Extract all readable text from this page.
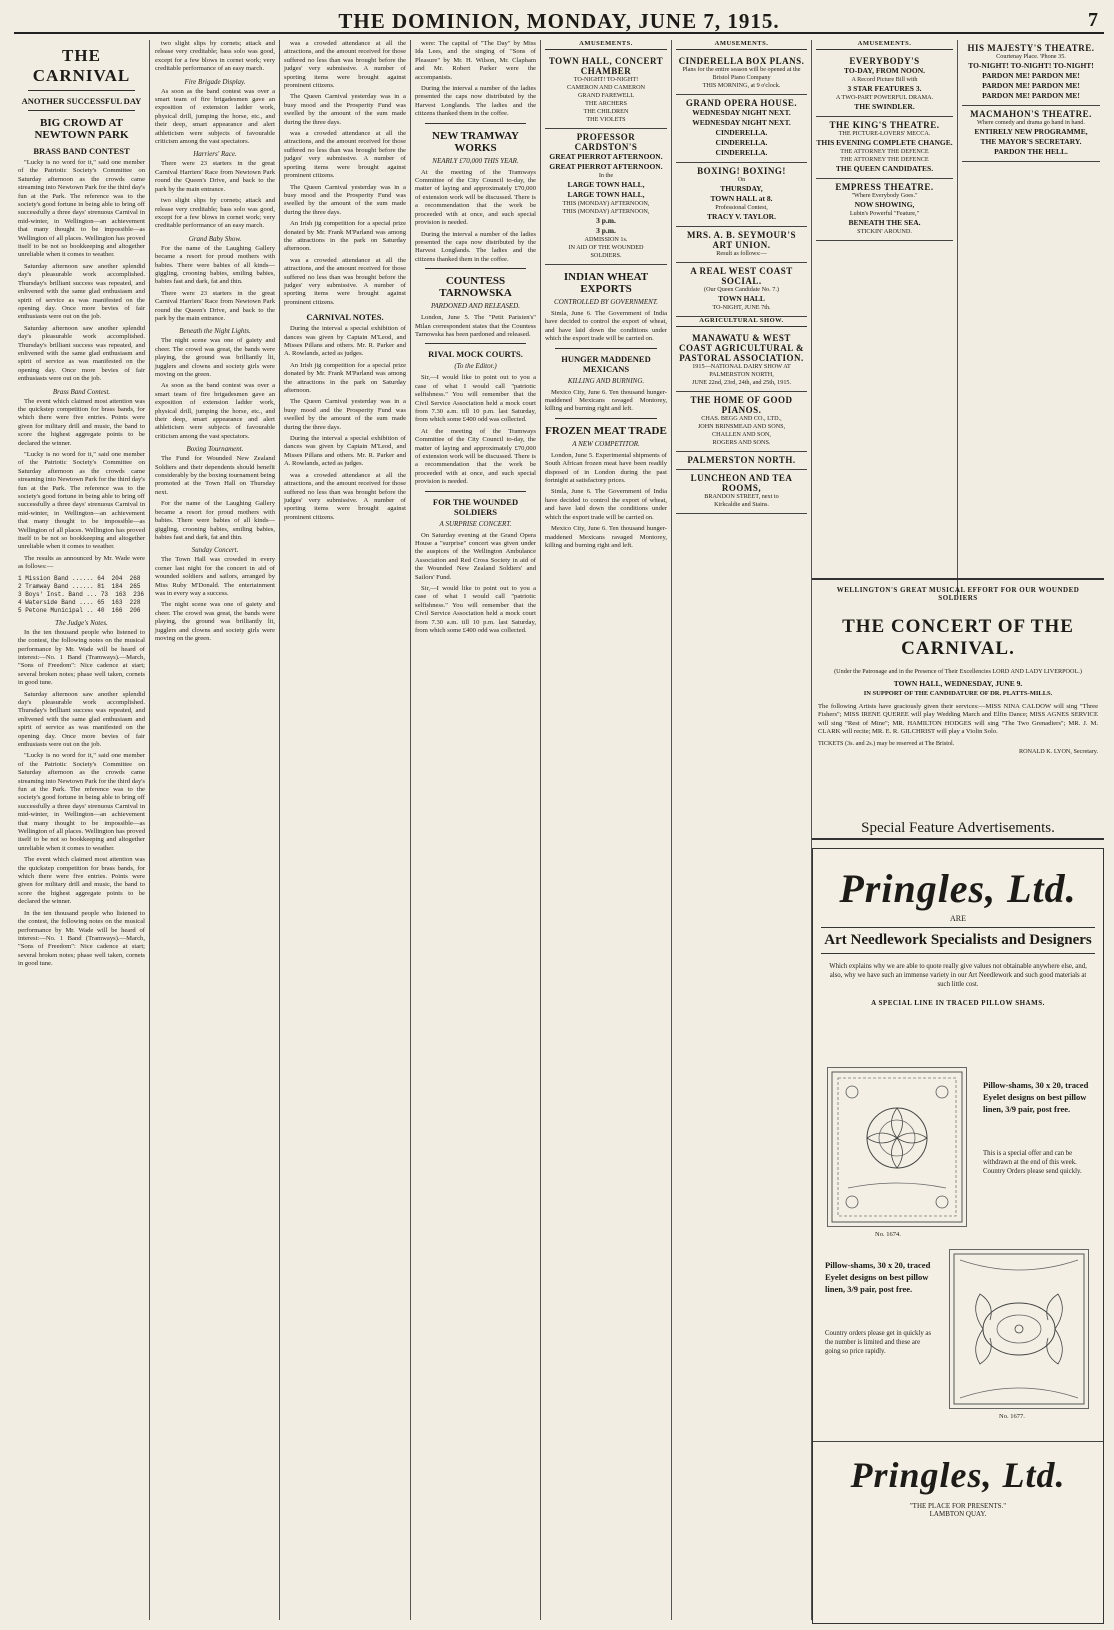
THE DOMINION, MONDAY, JUNE 7, 1915.	7
THE CARNIVAL
ANOTHER SUCCESSFUL DAY
BIG CROWD AT NEWTOWN PARK
BRASS BAND CONTEST

"Lucky is no word for it," said one member of the Patriotic Society's Committee on Saturday afternoon as the crowds came streaming into Newtown Park for the third day's fun at the Park. The reference was to the society's good fortune in being able to bring off successfully a three days' strenuous Carnival in mid-winter, in Wellington—an achievement that many thought to be impossible—as Wellington of all places. Wellington has proved itself to be not so bookkeeping and altogether unreliable when it comes to weather.

Saturday afternoon saw another splendid day's pleasurable work accomplished. Thursday's brilliant success was repeated, and enlivened with the same glad enthusiasm and spirit of service as was manifested on the opening day. Once more bevies of fair enthusiasts were out on the job.

Saturday afternoon saw another splendid day's pleasurable work accomplished. Thursday's brilliant success was repeated, and enlivened with the same glad enthusiasm and spirit of service as was manifested on the opening day. Once more bevies of fair enthusiasts were out on the job.

Brass Band Contest.

The event which claimed most attention was the quickstep competition for brass bands, for which there were five entries. Points were given for military drill and music, the band to score the highest aggregate points to be declared the winner.

"Lucky is no word for it," said one member of the Patriotic Society's Committee on Saturday afternoon as the crowds came streaming into Newtown Park for the third day's fun at the Park. The reference was to the society's good fortune in being able to bring off successfully a three days' strenuous Carnival in mid-winter, in Wellington—an achievement that many thought to be impossible—as Wellington of all places. Wellington has proved itself to be not so bookkeeping and altogether unreliable when it comes to weather.

The results as announced by Mr. Wade were as follows:—

1 Mission Band ...... 64  204  268
2 Tramway Band ...... 81  184  265
3 Boys' Inst. Band ... 73  163  236
4 Waterside Band .... 65  163  228
5 Petone Municipal .. 40  166  206
The Judge's Notes.

In the ten thousand people who listened to the contest, the following notes on the musical performance by Mr. Wade will be heard of interest:—No. 1 Band (Tramways).—March, "Sons of Freedom": Nice cadence at start; several broken notes; phase well taken, cornets in good tune.

Saturday afternoon saw another splendid day's pleasurable work accomplished. Thursday's brilliant success was repeated, and enlivened with the same glad enthusiasm and spirit of service as was manifested on the opening day. Once more bevies of fair enthusiasts were out on the job.

"Lucky is no word for it," said one member of the Patriotic Society's Committee on Saturday afternoon as the crowds came streaming into Newtown Park for the third day's fun at the Park. The reference was to the society's good fortune in being able to bring off successfully a three days' strenuous Carnival in mid-winter, in Wellington—an achievement that many thought to be impossible—as Wellington of all places. Wellington has proved itself to be not so bookkeeping and altogether unreliable when it comes to weather.

The event which claimed most attention was the quickstep competition for brass bands, for which there were five entries. Points were given for military drill and music, the band to score the highest aggregate points to be declared the winner.

In the ten thousand people who listened to the contest, the following notes on the musical performance by Mr. Wade will be heard of interest:—No. 1 Band (Tramways).—March, "Sons of Freedom": Nice cadence at start; several broken notes; phase well taken, cornets in good tune.

two slight slips by cornets; attack and release very creditable; bass solo was good, except for a few blows in cornet work; very creditable performance of an easy march.

Fire Brigade Display.

As soon as the band contest was over a smart team of fire brigadesmen gave an exposition of extension ladder work, physical drill, jumping the horse, etc., and their deep, smart appearance and alert athleticism were subjects of favourable criticism among the vast spectators.

Harriers' Race.

There were 23 starters in the great Carnival Harriers' Race from Newtown Park round the Queen's Drive, and back to the park by the main entrance.

two slight slips by cornets; attack and release very creditable; bass solo was good, except for a few blows in cornet work; very creditable performance of an easy march.

Grand Baby Show.

For the name of the Laughing Gallery became a resort for proud mothers with babies. There were babies of all kinds—giggling, crooning babies, smiling babies, babies fast and dark, fat and thin.

There were 23 starters in the great Carnival Harriers' Race from Newtown Park round the Queen's Drive, and back to the park by the main entrance.

Beneath the Night Lights.

The night scene was one of gaiety and cheer. The crowd was great, the bands were playing, the ground was brilliantly lit, jugglers and clowns and society girls were moving on the green.

As soon as the band contest was over a smart team of fire brigadesmen gave an exposition of extension ladder work, physical drill, jumping the horse, etc., and their deep, smart appearance and alert athleticism were subjects of favourable criticism among the vast spectators.

Boxing Tournament.

The Fund for Wounded New Zealand Soldiers and their dependents should benefit considerably by the boxing tournament being promoted at the Town Hall on Thursday next.

For the name of the Laughing Gallery became a resort for proud mothers with babies. There were babies of all kinds—giggling, crooning babies, smiling babies, babies fast and dark, fat and thin.

Sunday Concert.

The Town Hall was crowded in every corner last night for the concert in aid of wounded soldiers and sailors, arranged by Miss Ruby M'Donald. The entertainment was in every way a success.

The night scene was one of gaiety and cheer. The crowd was great, the bands were playing, the ground was brilliantly lit, jugglers and clowns and society girls were moving on the green.

was a crowded attendance at all the attractions, and the amount received for those suffered no less than was brought before the judges' very submissive. A number of sporting items were brought against prominent citizens.

The Queen Carnival yesterday was in a busy mood and the Prosperity Fund was swelled by the amount of the sum made during the three days.

was a crowded attendance at all the attractions, and the amount received for those suffered no less than was brought before the judges' very submissive. A number of sporting items were brought against prominent citizens.

The Queen Carnival yesterday was in a busy mood and the Prosperity Fund was swelled by the amount of the sum made during the three days.

An Irish jig competition for a special prize donated by Mr. Frank M'Parland was among the attractions in the park on Saturday afternoon.

was a crowded attendance at all the attractions, and the amount received for those suffered no less than was brought before the judges' very submissive. A number of sporting items were brought against prominent citizens.

CARNIVAL NOTES.

During the interval a special exhibition of dances was given by Captain M'Leod, and Misses Pillans and others. Mr. R. Parker and A. Rowlands, acted as judges.

An Irish jig competition for a special prize donated by Mr. Frank M'Parland was among the attractions in the park on Saturday afternoon.

The Queen Carnival yesterday was in a busy mood and the Prosperity Fund was swelled by the amount of the sum made during the three days.

During the interval a special exhibition of dances was given by Captain M'Leod, and Misses Pillans and others. Mr. R. Parker and A. Rowlands, acted as judges.

was a crowded attendance at all the attractions, and the amount received for those suffered no less than was brought before the judges' very submissive. A number of sporting items were brought against prominent citizens.

were: The capital of "The Day" by Miss Ida Lees, and the singing of "Sons of Pleasure" by Mr. H. Wilson, Mr. Clapham and Mr. Robert Parker were the accompanists.

During the interval a number of the ladies presented the caps now distributed by the Harvest Longlands. The ladies and the citizens thanked them in the coffee.

NEW TRAMWAY WORKS
NEARLY £70,000 THIS YEAR.

At the meeting of the Tramways Committee of the City Council to-day, the matter of laying and approximately £70,000 of extension work will be discussed. There is a recommendation that the work be proceeded with at once, and such special provision is needed.

During the interval a number of the ladies presented the caps now distributed by the Harvest Longlands. The ladies and the citizens thanked them in the coffee.

COUNTESS TARNOWSKA
PARDONED AND RELEASED.

London, June 5. The "Petit Parisien's" Milan correspondent states that the Countess Tarnowska has been pardoned and released.

RIVAL MOCK COURTS.
(To the Editor.)

Sir,—I would like to point out to you a case of what I would call "patriotic selfishness." You will remember that the Civil Service Association held a mock court from 7.30 a.m. till 10 p.m. last Saturday, from which some £400 odd was collected.

At the meeting of the Tramways Committee of the City Council to-day, the matter of laying and approximately £70,000 of extension work will be discussed. There is a recommendation that the work be proceeded with at once, and such special provision is needed.

FOR THE WOUNDED SOLDIERS
A SURPRISE CONCERT.

On Saturday evening at the Grand Opera House a "surprise" concert was given under the auspices of the Wellington Ambulance Association and Red Cross Society in aid of the Wounded New Zealand Soldiers' and Sailors' Fund.

Sir,—I would like to point out to you a case of what I would call "patriotic selfishness." You will remember that the Civil Service Association held a mock court from 7.30 a.m. till 10 p.m. last Saturday, from which some £400 odd was collected.

AMUSEMENTS.
TOWN HALL, CONCERT CHAMBER
TO-NIGHT! TO-NIGHT!
CAMERON AND CAMERON
GRAND FAREWELL
THE ARCHERS
THE CHILDREN
THE VIOLETS
PROFESSOR CARDSTON'S
GREAT PIERROT AFTERNOON.
GREAT PIERROT AFTERNOON.
In the
LARGE TOWN HALL,
LARGE TOWN HALL,
THIS (MONDAY) AFTERNOON,
THIS (MONDAY) AFTERNOON,
3 p.m.
3 p.m.
ADMISSION 1s.
IN AID OF THE WOUNDED
SOLDIERS.
INDIAN WHEAT EXPORTS
CONTROLLED BY GOVERNMENT.

Simla, June 6. The Government of India have decided to control the export of wheat, and have laid down the conditions under which the export trade will be carried on.

HUNGER MADDENED MEXICANS
KILLING AND BURNING.

Mexico City, June 6. Ten thousand hunger-maddened Mexicans ravaged Montorey, killing and burning right and left.

FROZEN MEAT TRADE
A NEW COMPETITOR.

London, June 5. Experimental shipments of South African frozen meat have been readily disposed of in London during the past fortnight at satisfactory prices.

Simla, June 6. The Government of India have decided to control the export of wheat, and have laid down the conditions under which the export trade will be carried on.

Mexico City, June 6. Ten thousand hunger-maddened Mexicans ravaged Montorey, killing and burning right and left.

AMUSEMENTS.
CINDERELLA BOX PLANS.
Plans for the entire season will be opened at the Bristol Piano Company
THIS MORNING, at 9 o'clock.
GRAND OPERA HOUSE.
WEDNESDAY NIGHT NEXT.
WEDNESDAY NIGHT NEXT.
CINDERELLA.
CINDERELLA.
CINDERELLA.
BOXING! BOXING!
On
THURSDAY,
TOWN HALL at 8.
Professional Contest,
TRACY V. TAYLOR.
MRS. A. B. SEYMOUR'S ART UNION.
Result as follows:—
A REAL WEST COAST SOCIAL.
(Our Queen Candidate No. 7.)
TOWN HALL
TO-NIGHT, JUNE 7th.
AGRICULTURAL SHOW.
MANAWATU & WEST COAST AGRICULTURAL & PASTORAL ASSOCIATION.
1915—NATIONAL DAIRY SHOW AT PALMERSTON NORTH,
JUNE 22nd, 23rd, 24th, and 25th, 1915.
THE HOME OF GOOD PIANOS.
CHAS. BEGG AND CO., LTD.,
JOHN BRINSMEAD AND SONS,
CHALLEN AND SON,
ROGERS AND SONS.
PALMERSTON NORTH.
LUNCHEON AND TEA ROOMS,
BRANDON STREET, next to
Kirkcaldie and Stains.
AMUSEMENTS.
EVERYBODY'S
TO-DAY, FROM NOON.
A Record Picture Bill with
3 STAR FEATURES 3.
A TWO-PART POWERFUL DRAMA.
THE SWINDLER.
THE KING'S THEATRE.
THE PICTURE-LOVERS' MECCA.
THIS EVENING COMPLETE CHANGE.
THE ATTORNEY THE DEFENCE
THE ATTORNEY THE DEFENCE
THE QUEEN CANDIDATES.
EMPRESS THEATRE.
"Where Everybody Goes."
NOW SHOWING,
Lubin's Powerful "Feature,"
BENEATH THE SEA.
STICKIN' AROUND.
HIS MAJESTY'S THEATRE.
Courtenay Place. 'Phone 35.
TO-NIGHT! TO-NIGHT! TO-NIGHT!
PARDON ME! PARDON ME!
PARDON ME! PARDON ME!
PARDON ME! PARDON ME!
MACMAHON'S THEATRE.
Where comedy and drama go hand in hand.
ENTIRELY NEW PROGRAMME,
THE MAYOR'S SECRETARY.
PARDON THE HELL.
WELLINGTON'S GREAT MUSICAL EFFORT FOR OUR WOUNDED SOLDIERS
THE CONCERT OF THE
CARNIVAL.
(Under the Patronage and in the Presence of Their Excellencies LORD AND LADY LIVERPOOL.)
TOWN HALL, WEDNESDAY, JUNE 9.
IN SUPPORT OF THE CANDIDATURE OF DR. PLATTS-MILLS.

The following Artists have graciously given their services:—MISS NINA CALDOW will sing "Three Fishers"; MISS IRENE QUEREE will play Wedding March and Elfin Dance; MISS AGNES SERVICE will sing "Rest of Mine"; MR. HAMILTON HODGES will sing "The Two Grenadiers"; MR. J. M. CLARK will recite; MR. E. R. GILCHRIST will play a Violin Solo.

TICKETS (3s. and 2s.) may be reserved at The Bristol.
RONALD K. LYON, Secretary.
Special Feature Advertisements.
Pringles, Ltd.
ARE
Art Needlework Specialists and Designers
Which explains why we are able to quote really give values not obtainable anywhere else, and, also, why we have such an immense variety in our Art Needlework and such good materials at such little cost.
A SPECIAL LINE IN TRACED PILLOW SHAMS.
Pillow-shams, 30 x 20, traced Eyelet designs on best pillow linen, 3/9 pair, post free.
This is a special offer and can be withdrawn at the end of this week. Country Orders please send quickly.
No. 1674.
Pillow-shams, 30 x 20, traced Eyelet designs on best pillow linen, 3/9 pair, post free.
Country orders please get in quickly as the number is limited and these are going so price rapidly.
No. 1677.
Pringles, Ltd.
"THE PLACE FOR PRESENTS."
LAMBTON QUAY.
